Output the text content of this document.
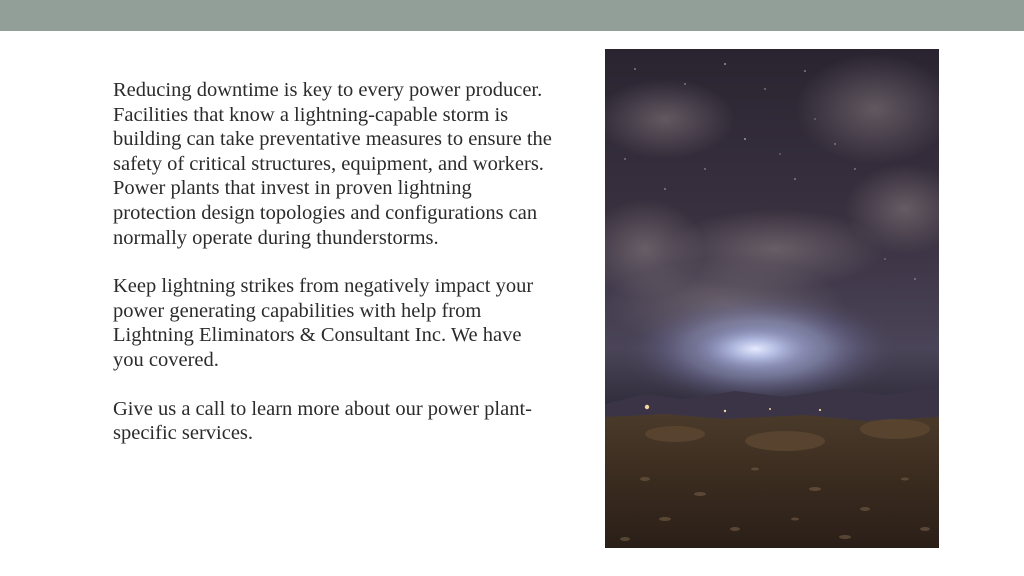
Reducing downtime is key to every power producer. Facilities that know a lightning-capable storm is building can take preventative measures to ensure the safety of critical structures, equipment, and workers. Power plants that invest in proven lightning protection design topologies and configurations can normally operate during thunderstorms.

Keep lightning strikes from negatively impact your power generating capabilities with help from Lightning Eliminators & Consultant Inc. We have you covered.

Give us a call to learn more about our power plant-specific services.
